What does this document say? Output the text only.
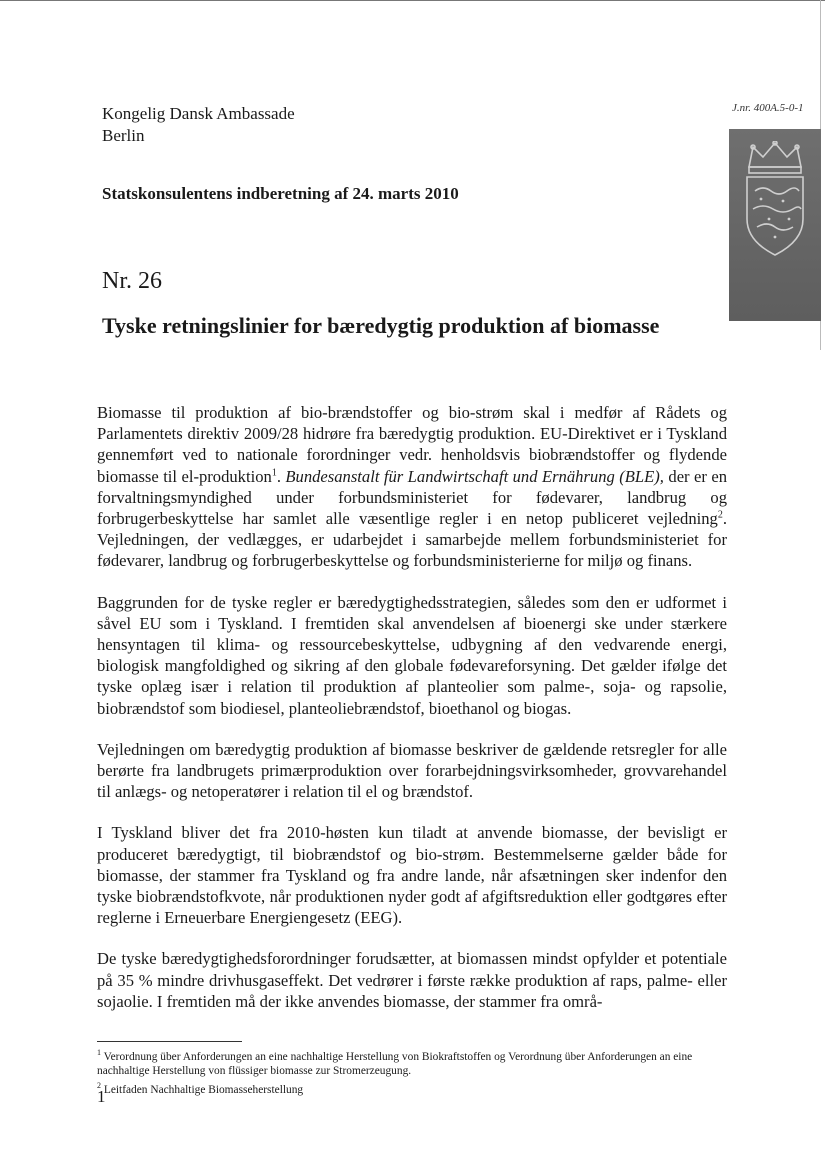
Kongelig Dansk Ambassade
Berlin
J.nr. 400A.5-0-1
Statskonsulentens indberetning af 24. marts 2010
Nr. 26
Tyske retningslinier for bæredygtig produktion af biomasse

Biomasse til produktion af bio-brændstoffer og bio-strøm skal i medfør af Rådets og Parlamentets direktiv 2009/28 hidrøre fra bæredygtig produktion. EU-Direktivet er i Tyskland gennemført ved to nationale forordninger vedr. henholdsvis biobrændstoffer og flydende biomasse til el-produktion$^1$. Bundesanstalt für Landwirtschaft und Ernährung (BLE), der er en forvaltningsmyndighed under forbundsministeriet for fødevarer, landbrug og forbrugerbeskyttelse har samlet alle væsentlige regler i en netop publiceret vejledning$^2$. Vejledningen, der vedlægges, er udarbejdet i samarbejde mellem forbundsministeriet for fødevarer, landbrug og forbrugerbeskyttelse og forbundsministerierne for miljø og finans.

Baggrunden for de tyske regler er bæredygtighedsstrategien, således som den er udformet i såvel EU som i Tyskland. I fremtiden skal anvendelsen af bioenergi ske under stærkere hensyntagen til klima- og ressourcebeskyttelse, udbygning af den vedvarende energi, biologisk mangfoldighed og sikring af den globale fødevareforsyning. Det gælder ifølge det tyske oplæg især i relation til produktion af planteolier som palme-, soja- og rapsolie, biobrændstof som biodiesel, planteoliebrændstof, bioethanol og biogas.

Vejledningen om bæredygtig produktion af biomasse beskriver de gældende retsregler for alle berørte fra landbrugets primærproduktion over forarbejdningsvirksomheder, grovvarehandel til anlægs- og netoperatører i relation til el og brændstof.

I Tyskland bliver det fra 2010-høsten kun tiladt at anvende biomasse, der bevisligt er produceret bæredygtigt, til biobrændstof og bio-strøm. Bestemmelserne gælder både for biomasse, der stammer fra Tyskland og fra andre lande, når afsætningen sker indenfor den tyske biobrændstofkvote, når produktionen nyder godt af afgiftsreduktion eller godtgøres efter reglerne i Erneuerbare Energiengesetz (EEG).

De tyske bæredygtighedsforordninger forudsætter, at biomassen mindst opfylder et potentiale på 35 % mindre drivhusgaseffekt. Det vedrører i første række produktion af raps, palme- eller sojaolie. I fremtiden må der ikke anvendes biomasse, der stammer fra områ-

$^1$ Verordnung über Anforderungen an eine nachhaltige Herstellung von Biokraftstoffen og Verordnung über Anforderungen an eine nachhaltige Herstellung von flüssiger biomasse zur Stromerzeugung.

$^2$ Leitfaden Nachhaltige Biomasseherstellung

1
